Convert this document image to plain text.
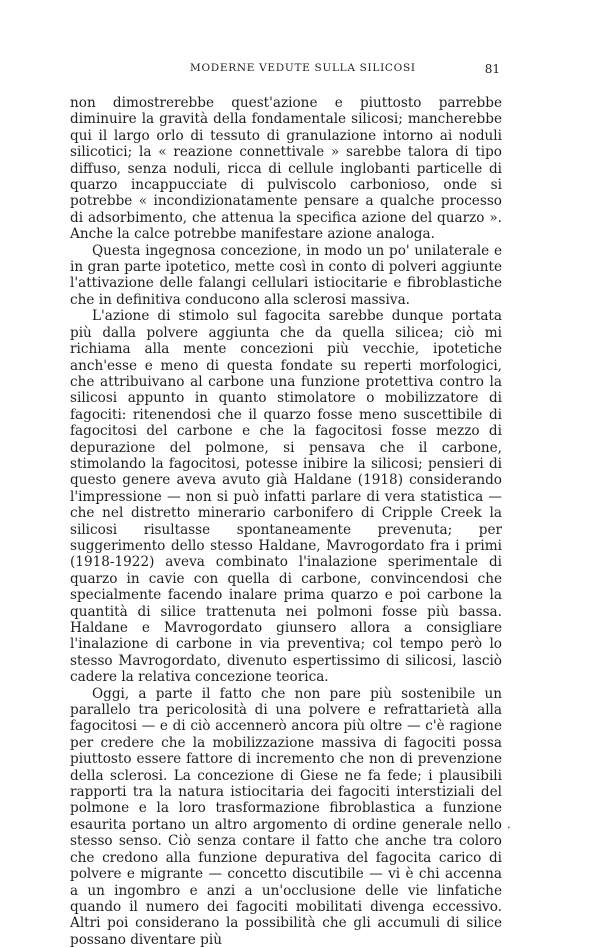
MODERNE VEDUTE SULLA SILICOSI	81

non dimostrerebbe quest'azione e piuttosto parrebbe diminuire la gravità della fondamentale silicosi; mancherebbe qui il largo orlo di tessuto di granulazione intorno ai noduli silicotici; la « reazione connettivale » sarebbe talora di tipo diffuso, senza noduli, ricca di cellule inglobanti particelle di quarzo incappucciate di pulviscolo carbonioso, onde si potrebbe « incondizionatamente pensare a qualche processo di adsorbimento, che attenua la specifica azione del quarzo ». Anche la calce potrebbe manifestare azione analoga.

Questa ingegnosa concezione, in modo un po' unilaterale e in gran parte ipotetico, mette così in conto di polveri aggiunte l'attivazione delle falangi cellulari istiocitarie e fibroblastiche che in definitiva conducono alla sclerosi massiva.

L'azione di stimolo sul fagocita sarebbe dunque portata più dalla polvere aggiunta che da quella silicea; ciò mi richiama alla mente concezioni più vecchie, ipotetiche anch'esse e meno di questa fondate su reperti morfologici, che attribuivano al carbone una funzione protettiva contro la silicosi appunto in quanto stimolatore o mobilizzatore di fagociti: ritenendosi che il quarzo fosse meno suscettibile di fagocitosi del carbone e che la fagocitosi fosse mezzo di depurazione del polmone, si pensava che il carbone, stimolando la fagocitosi, potesse inibire la silicosi; pensieri di questo genere aveva avuto già Haldane (1918) considerando l'impressione — non si può infatti parlare di vera statistica — che nel distretto minerario carbonifero di Cripple Creek la silicosi risultasse spontaneamente prevenuta; per suggerimento dello stesso Haldane, Mavrogordato fra i primi (1918-1922) aveva combinato l'inalazione sperimentale di quarzo in cavie con quella di carbone, convincendosi che specialmente facendo inalare prima quarzo e poi carbone la quantità di silice trattenuta nei polmoni fosse più bassa. Haldane e Mavrogordato giunsero allora a consigliare l'inalazione di carbone in via preventiva; col tempo però lo stesso Mavrogordato, divenuto espertissimo di silicosi, lasciò cadere la relativa concezione teorica.

Oggi, a parte il fatto che non pare più sostenibile un parallelo tra pericolosità di una polvere e refrattarietà alla fagocitosi — e di ciò accennerò ancora più oltre — c'è ragione per credere che la mobilizzazione massiva di fagociti possa piuttosto essere fattore di incremento che non di prevenzione della sclerosi. La concezione di Giese ne fa fede; i plausibili rapporti tra la natura istiocitaria dei fagociti interstiziali del polmone e la loro trasformazione fibroblastica a funzione esaurita portano un altro argomento di ordine generale nello stesso senso. Ciò senza contare il fatto che anche tra coloro che credono alla funzione depurativa del fagocita carico di polvere e migrante — concetto discutibile — vi è chi accenna a un ingombro e anzi a un'occlusione delle vie linfatiche quando il numero dei fagociti mobilitati divenga eccessivo. Altri poi considerano la possibilità che gli accumuli di silice possano diventare più

•
